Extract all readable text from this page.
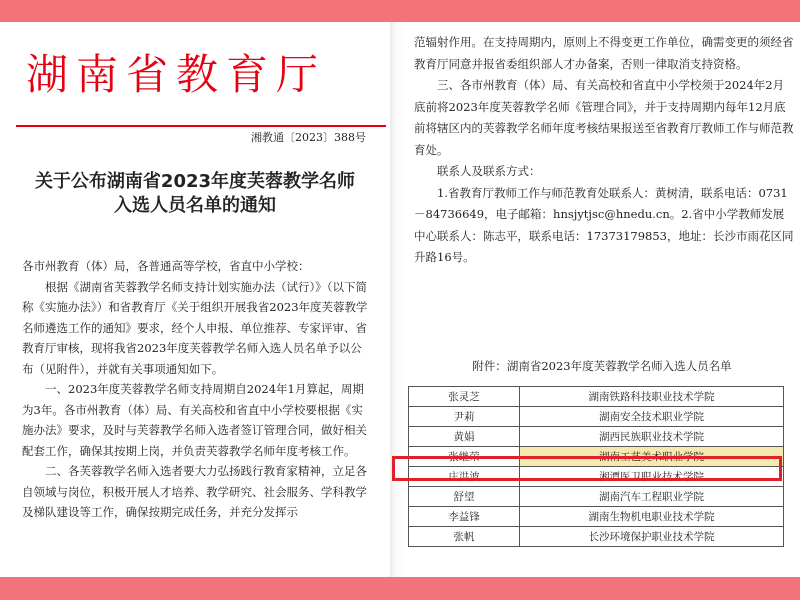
湖南省教育厅
湘教通〔2023〕388号
关于公布湖南省2023年度芙蓉教学名师
入选人员名单的通知

各市州教育（体）局，各普通高等学校，省直中小学校：

根据《湖南省芙蓉教学名师支持计划实施办法（试行）》（以下简称《实施办法》）和省教育厅《关于组织开展我省2023年度芙蓉教学名师遴选工作的通知》要求，经个人申报、单位推荐、专家评审、省教育厅审核，现将我省2023年度芙蓉教学名师入选人员名单予以公布（见附件），并就有关事项通知如下。

一、2023年度芙蓉教学名师支持周期自2024年1月算起，周期为3年。各市州教育（体）局、有关高校和省直中小学校要根据《实施办法》要求，及时与芙蓉教学名师入选者签订管理合同，做好相关配套工作，确保其按期上岗，并负责芙蓉教学名师年度考核工作。

二、各芙蓉教学名师入选者要大力弘扬践行教育家精神，立足各自领域与岗位，积极开展人才培养、教学研究、社会服务、学科教学及梯队建设等工作，确保按期完成任务，并充分发挥示

范辐射作用。在支持周期内，原则上不得变更工作单位，确需变更的须经省教育厅同意并报省委组织部人才办备案，否则一律取消支持资格。

三、各市州教育（体）局、有关高校和省直中小学校须于2024年2月底前将2023年度芙蓉教学名师《管理合同》，并于支持周期内每年12月底前将辖区内的芙蓉教学名师年度考核结果报送至省教育厅教师工作与师范教育处。

联系人及联系方式：

1.省教育厅教师工作与师范教育处联系人：黄树清，联系电话：0731－84736649，电子邮箱：hnsjytjsc@hnedu.cn。2.省中小学教师发展中心联系人：陈志平，联系电话：17373179853，地址：长沙市雨花区同升路16号。

附件：湖南省2023年度芙蓉教学名师入选人员名单
张灵芝	湖南铁路科技职业技术学院
尹莉	湖南安全技术职业学院
黄娟	湖西民族职业技术学院
张继荣	湖南工艺美术职业学院
庄洪波	湘潭医卫职业技术学院
舒望	湖南汽车工程职业学院
李益锋	湖南生物机电职业技术学院
张帆	长沙环境保护职业技术学院
